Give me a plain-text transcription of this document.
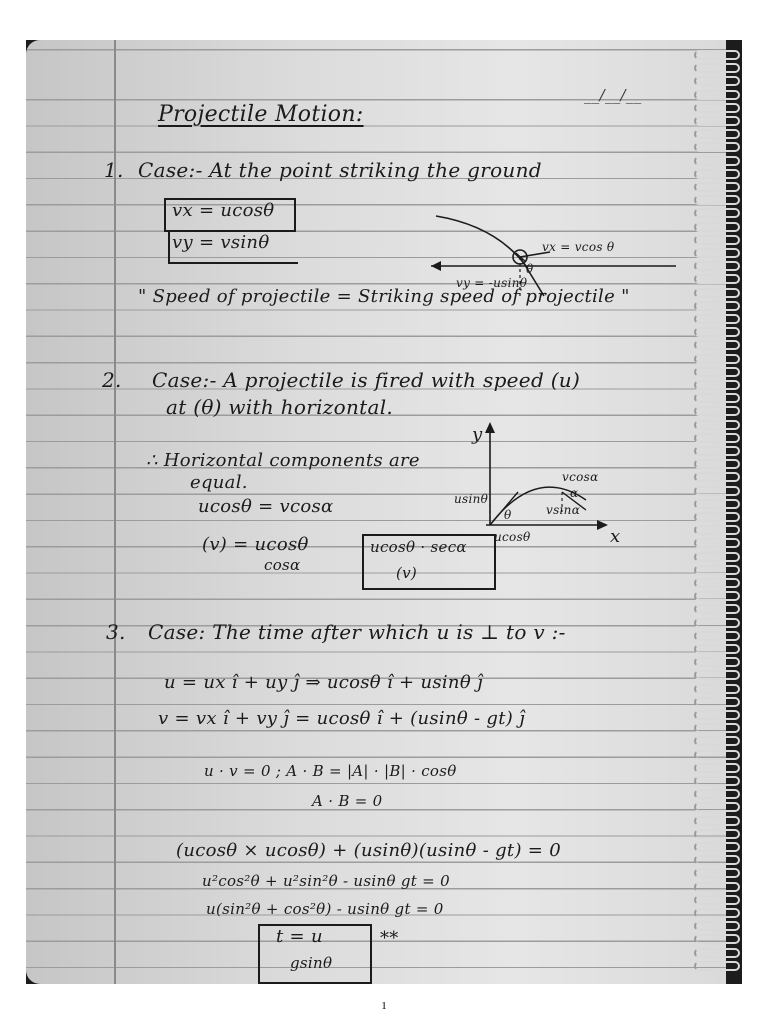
Projectile Motion:
__/__/__
1. Case:- At the point striking the ground
vx = ucosθ
vy = vsinθ	vx = vcos θ
vy = -usinθ
θ
" Speed of projectile = Striking speed of projectile "
2. Case:- A projectile is fired with speed (u)
at (θ) with horizontal.
∴ Horizontal components are
equal.
ucosθ = vcosα
(v) = ucosθ
cosα
ucosθ · secα
(v)
y
x
usinθ
ucosθ
vcosα
vsinα
θ
α
3. Case: The time after which u is ⊥ to v :-
u = ux î + uy ĵ ⇒ ucosθ î + usinθ ĵ
v = vx î + vy ĵ = ucosθ î + (usinθ - gt) ĵ
u · v = 0 ; A · B = |A| · |B| · cosθ
A · B = 0
(ucosθ × ucosθ) + (usinθ)(usinθ - gt) = 0
u²cos²θ + u²sin²θ - usinθ gt = 0
u(sin²θ + cos²θ) - usinθ gt = 0
t = u
gsinθ
**
1
